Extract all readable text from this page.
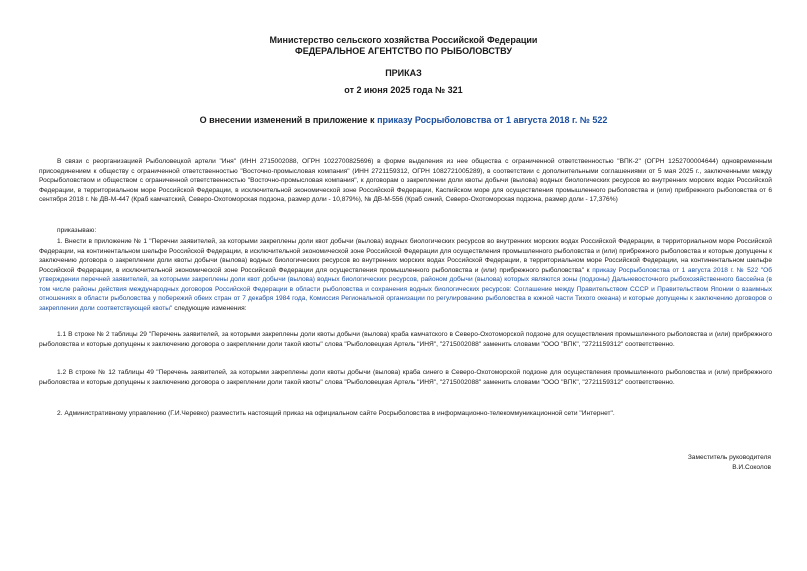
Министерство сельского хозяйства Российской Федерации
ФЕДЕРАЛЬНОЕ АГЕНТСТВО ПО РЫБОЛОВСТВУ
ПРИКАЗ
от 2 июня 2025 года № 321
О внесении изменений в приложение к приказу Росрыболовства от 1 августа 2018 г. № 522
В связи с реорганизацией Рыболовецкой артели "Иня" (ИНН 2715002088, ОГРН 1022700825696) в форме выделения из нее общества с ограниченной ответственностью "ВПК-2" (ОГРН 1252700004644) одновременным присоединением к обществу с ограниченной ответственностью "Восточно-промысловая компания" (ИНН 2721159312, ОГРН 1082721005289), в соответствии с дополнительными соглашениями от 5 мая 2025 г., заключенными между Росрыболовством и обществом с ограниченной ответственностью "Восточно-промысловая компания", к договорам о закреплении доли квоты добычи (вылова) водных биологических ресурсов во внутренних морских водах Российской Федерации, в территориальном море Российской Федерации, в исключительной экономической зоне Российской Федерации, Каспийском море для осуществления промышленного рыболовства и (или) прибрежного рыболовства от 6 сентября 2018 г. № ДВ-М-447 (Краб камчатский, Северо-Охотоморская подзона, размер доли - 10,879%), № ДВ-М-556 (Краб синий, Северо-Охотоморская подзона, размер доли - 17,376%)
приказываю:
1. Внести в приложение № 1 "Перечни заявителей, за которыми закреплены доли квот добычи (вылова) водных биологических ресурсов во внутренних морских водах Российской Федерации, в территориальном море Российской Федерации, на континентальном шельфе Российской Федерации, в исключительной экономической зоне Российской Федерации для осуществления промышленного рыболовства и (или) прибрежного рыболовства и которые допущены к заключению договора о закреплении доли квоты добычи (вылова) водных биологических ресурсов во внутренних морских водах Российской Федерации, в территориальном море Российской Федерации, на континентальном шельфе Российской Федерации, в исключительной экономической зоне Российской Федерации для осуществления промышленного рыболовства и (или) прибрежного рыболовства" к приказу Росрыболовства от 1 августа 2018 г. № 522 "Об утверждении перечней заявителей, за которыми закреплены доли квот добычи (вылова) водных биологических ресурсов, районом добычи (вылова) которых являются зоны (подзоны) Дальневосточного рыбохозяйственного бассейна (в том числе районы действия международных договоров Российской Федерации в области рыболовства и сохранения водных биологических ресурсов: Соглашение между Правительством СССР и Правительством Японии о взаимных отношениях в области рыболовства у побережий обеих стран от 7 декабря 1984 года, Комиссия Региональной организации по регулированию рыболовства в южной части Тихого океана) и которые допущены к заключению договоров о закреплении доли соответствующей квоты" следующие изменения:
1.1 В строке № 2 таблицы 29 "Перечень заявителей, за которыми закреплены доли квоты добычи (вылова) краба камчатского в Северо-Охотоморской подзоне для осуществления промышленного рыболовства и (или) прибрежного рыболовства и которые допущены к заключению договора о закреплении доли такой квоты" слова "Рыболовецкая Артель "ИНЯ", "2715002088" заменить словами "ООО "ВПК", "2721159312" соответственно.
1.2 В строке № 12 таблицы 49 "Перечень заявителей, за которыми закреплены доли квоты добычи (вылова) краба синего в Северо-Охотоморской подзоне для осуществления промышленного рыболовства и (или) прибрежного рыболовства и которые допущены к заключению договора о закреплении доли такой квоты" слова "Рыболовецкая Артель "ИНЯ", "2715002088" заменить словами "ООО "ВПК", "2721159312" соответственно.
2. Административному управлению (Г.И.Черевко) разместить настоящий приказ на официальном сайте Росрыболовства в информационно-телекоммуникационной сети "Интернет".
Заместитель руководителя
В.И.Соколов
